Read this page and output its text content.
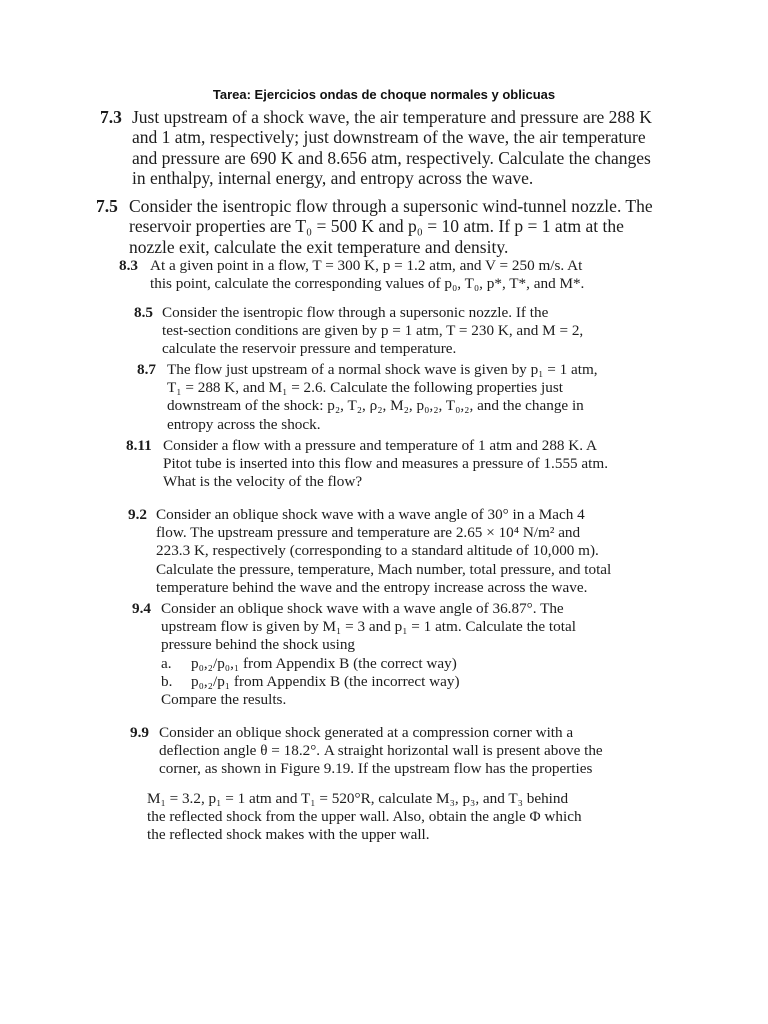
Tarea: Ejercicios ondas de choque normales y oblicuas
7.3 Just upstream of a shock wave, the air temperature and pressure are 288 K
and 1 atm, respectively; just downstream of the wave, the air temperature
and pressure are 690 K and 8.656 atm, respectively. Calculate the changes
in enthalpy, internal energy, and entropy across the wave.
7.5 Consider the isentropic flow through a supersonic wind-tunnel nozzle. The
reservoir properties are T₀ = 500 K and p₀ = 10 atm. If p = 1 atm at the
nozzle exit, calculate the exit temperature and density.
8.3 At a given point in a flow, T = 300 K, p = 1.2 atm, and V = 250 m/s. At
this point, calculate the corresponding values of p₀, T₀, p*, T*, and M*.
8.5 Consider the isentropic flow through a supersonic nozzle. If the
test-section conditions are given by p = 1 atm, T = 230 K, and M = 2,
calculate the reservoir pressure and temperature.
8.7 The flow just upstream of a normal shock wave is given by p₁ = 1 atm,
T₁ = 288 K, and M₁ = 2.6. Calculate the following properties just
downstream of the shock: p₂, T₂, ρ₂, M₂, p₀,₂, T₀,₂, and the change in
entropy across the shock.
8.11 Consider a flow with a pressure and temperature of 1 atm and 288 K. A
Pitot tube is inserted into this flow and measures a pressure of 1.555 atm.
What is the velocity of the flow?
9.2 Consider an oblique shock wave with a wave angle of 30° in a Mach 4
flow. The upstream pressure and temperature are 2.65 × 10⁴ N/m² and
223.3 K, respectively (corresponding to a standard altitude of 10,000 m).
Calculate the pressure, temperature, Mach number, total pressure, and total
temperature behind the wave and the entropy increase across the wave.
9.4 Consider an oblique shock wave with a wave angle of 36.87°. The
upstream flow is given by M₁ = 3 and p₁ = 1 atm. Calculate the total
pressure behind the shock using
a. p₀,₂/p₀,₁ from Appendix B (the correct way)
b. p₀,₂/p₁ from Appendix B (the incorrect way)
Compare the results.
9.9 Consider an oblique shock generated at a compression corner with a
deflection angle θ = 18.2°. A straight horizontal wall is present above the
corner, as shown in Figure 9.19. If the upstream flow has the properties
M₁ = 3.2, p₁ = 1 atm and T₁ = 520°R, calculate M₃, p₃, and T₃ behind
the reflected shock from the upper wall. Also, obtain the angle Φ which
the reflected shock makes with the upper wall.
